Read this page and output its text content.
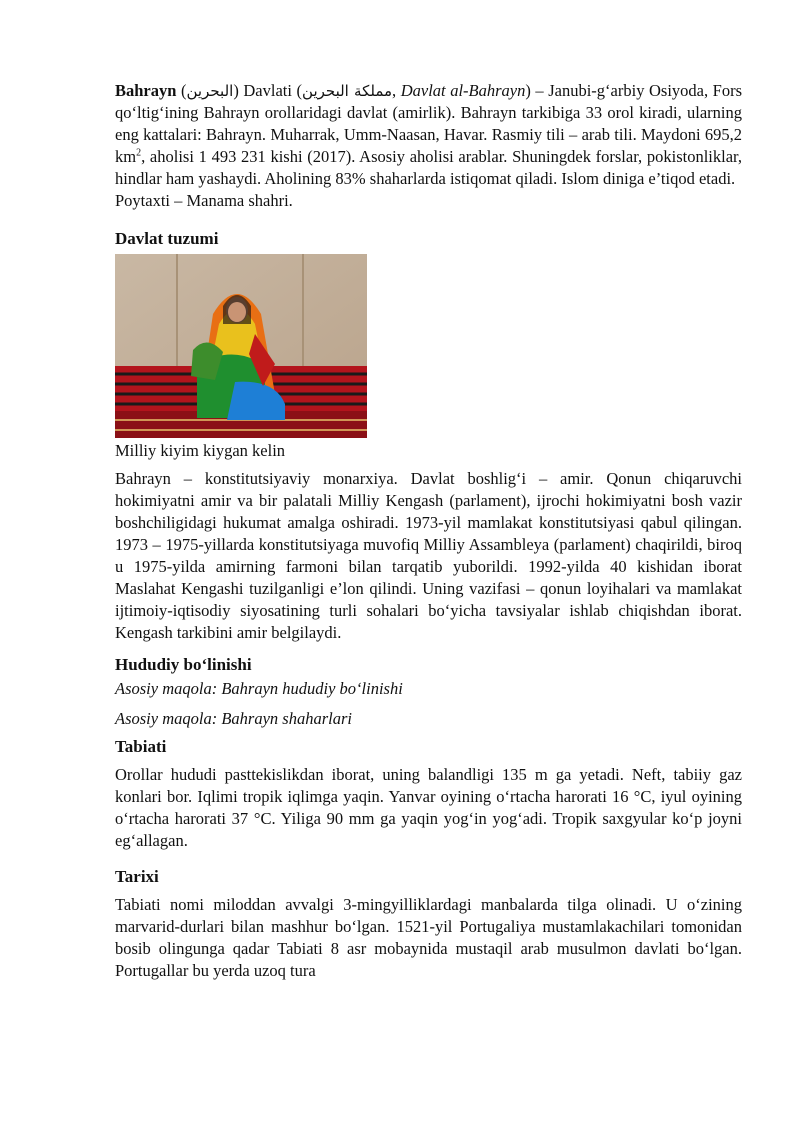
Bahrayn (البحرين) Davlati (مملكة البحرين, Davlat al-Bahrayn) – Janubi-g‘arbiy Osiyoda, Fors qo‘ltig‘ining Bahrayn orollaridagi davlat (amirlik). Bahrayn tarkibiga 33 orol kiradi, ularning eng kattalari: Bahrayn. Muharrak, Umm-Naasan, Havar. Rasmiy tili – arab tili. Maydoni 695,2 $km^2$, aholisi 1 493 231 kishi (2017). Asosiy aholisi arablar. Shuningdek forslar, pokistonliklar, hindlar ham yashaydi. Aholining 83% shaharlarda istiqomat qiladi. Islom diniga e’tiqod etadi.

Poytaxti – Manama shahri.

Davlat tuzumi

Milliy kiyim kiygan kelin

Bahrayn – konstitutsiyaviy monarxiya. Davlat boshlig‘i – amir. Qonun chiqaruvchi hokimiyatni amir va bir palatali Milliy Kengash (parlament), ijrochi hokimiyatni bosh vazir boshchiligidagi hukumat amalga oshiradi. 1973-yil mamlakat konstitutsiyasi qabul qilingan. 1973 – 1975-yillarda konstitutsiyaga muvofiq Milliy Assambleya (parlament) chaqirildi, biroq u 1975-yilda amirning farmoni bilan tarqatib yuborildi. 1992-yilda 40 kishidan iborat Maslahat Kengashi tuzilganligi e’lon qilindi. Uning vazifasi – qonun loyihalari va mamlakat ijtimoiy-iqtisodiy siyosatining turli sohalari bo‘yicha tavsiyalar ishlab chiqishdan iborat. Kengash tarkibini amir belgilaydi.

Hududiy bo‘linishi

Asosiy maqola: Bahrayn hududiy bo‘linishi

Asosiy maqola: Bahrayn shaharlari

Tabiati

Orollar hududi pasttekislikdan iborat, uning balandligi 135 m ga yetadi. Neft, tabiiy gaz konlari bor. Iqlimi tropik iqlimga yaqin. Yanvar oyining o‘rtacha harorati 16 °C, iyul oyining o‘rtacha harorati 37 °C. Yiliga 90 mm ga yaqin yog‘in yog‘adi. Tropik saxgyular ko‘p joyni eg‘allagan.

Tarixi

Tabiati nomi miloddan avvalgi 3-mingyilliklardagi manbalarda tilga olinadi. U o‘zining marvarid-durlari bilan mashhur bo‘lgan. 1521-yil Portugaliya mustamlakachilari tomonidan bosib olingunga qadar Tabiati 8 asr mobaynida mustaqil arab musulmon davlati bo‘lgan. Portugallar bu yerda uzoq tura
